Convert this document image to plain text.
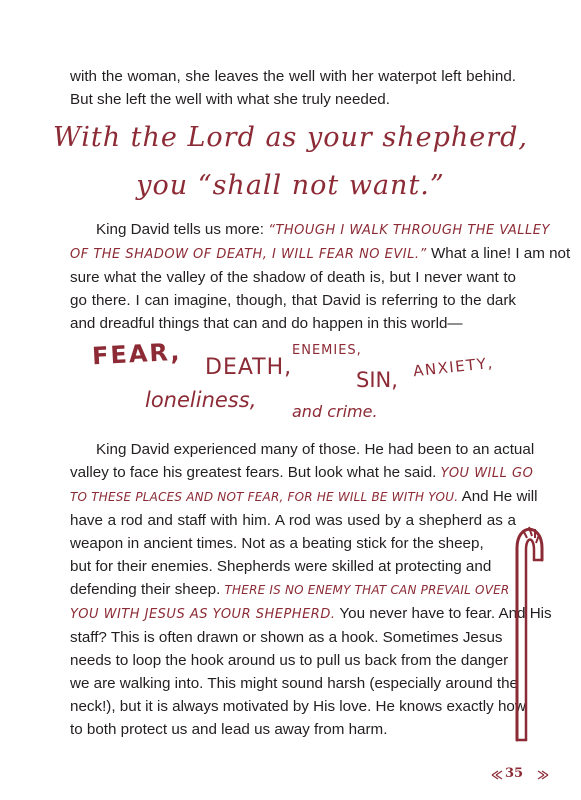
with the woman, she leaves the well with her waterpot left behind.
But she left the well with what she truly needed.
With the Lord as your shepherd,
you “shall not want.”
King David tells us more: “THOUGH I WALK THROUGH THE VALLEY
OF THE SHADOW OF DEATH, I WILL FEAR NO EVIL.” What a line! I am not
sure what the valley of the shadow of death is, but I never want to
go there. I can imagine, though, that David is referring to the dark
and dreadful things that can and do happen in this world—
FEAR, DEATH,
ENEMIES,
SIN, ANXIETY,
loneliness, and crime.
King David experienced many of those. He had been to an actual
valley to face his greatest fears. But look what he said. YOU WILL GO
TO THESE PLACES AND NOT FEAR, FOR HE WILL BE WITH YOU. And He will
have a rod and staff with him. A rod was used by a shepherd as a
weapon in ancient times. Not as a beating stick for the sheep,
but for their enemies. Shepherds were skilled at protecting and
defending their sheep. THERE IS NO ENEMY THAT CAN PREVAIL OVER
YOU WITH JESUS AS YOUR SHEPHERD. You never have to fear. And His
staff? This is often drawn or shown as a hook. Sometimes Jesus
needs to loop the hook around us to pull us back from the danger
we are walking into. This might sound harsh (especially around the
neck!), but it is always motivated by His love. He knows exactly how
to both protect us and lead us away from harm.
35
